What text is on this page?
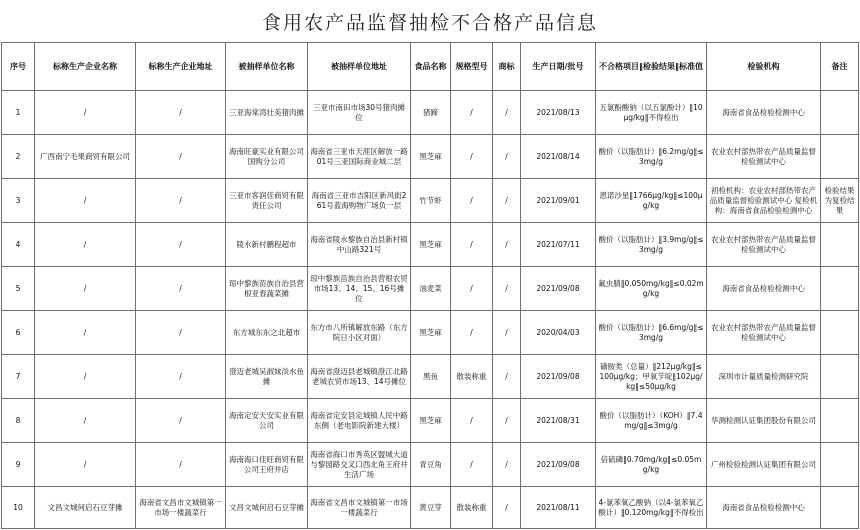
食用农产品监督抽检不合格产品信息
序号	标称生产企业名称	标称生产企业地址	被抽样单位名称	被抽样单位地址	食品名称	规格型号	商标	生产日期/批号	不合格项目‖检验结果‖标准值	检验机构	备注
1	/	/	三亚海棠湾壮美猪肉摊	三亚市南田市场30号猪肉摊位	猪蹄	/	/	2021/08/13	五氯酚酸钠（以五氯酚计）‖10μg/kg‖不得检出	海南省食品检验检测中心	
2	广西南宁毛果商贸有限公司	/	海南旺豪实业有限公司国购分公司	海南省三亚市天涯区解放一路01号三亚国际商业城二层	黑芝麻	/	/	2021/08/14	酸价（以脂肪计）‖6.2mg/g‖≤3mg/g	农业农村部热带农产品质量监督检验测试中心	
3	/	/	三亚市客润佳商贸有限责任公司	海南省三亚市吉阳区新风街261号蓝海购物广场负一层	竹节虾	/	/	2021/09/01	恩诺沙星‖1766μg/kg‖≤100μg/kg	初检机构：农业农村部热带农产品质量监督检验测试中心 复检机构：海南省食品检验检测中心	检验结果为复检结果
4	/	/	陵水新村鹏程超市	海南省陵水黎族自治县新村镇中山路321号	黑芝麻	/	/	2021/07/11	酸价（以脂肪计）‖3.9mg/g‖≤3mg/g	农业农村部热带农产品质量监督检验测试中心	
5	/	/	琼中黎族苗族自治县营根亚春蔬菜摊	琼中黎族苗族自治县营根农贸市场13、14、15、16号摊位	油麦菜	/	/	2021/09/08	氟虫腈‖0.050mg/kg‖≤0.02mg/kg	海南省食品检验检测中心	
6	/	/	东方城东东之北超市	东方市八所镇解放东路（东方院日小区对面）	黑芝麻	/	/	2020/04/03	酸价（以脂肪计）‖6.6mg/g‖≤3mg/g	农业农村部热带农产品质量监督检验测试中心	
7	/	/	澄迈老城吴淑妹淡水鱼摊	海南省澄迈县老城镇澄江北路老城农贸市场13、14号摊位	黑鱼	散装称重	/	2021/09/08	磺胺类（总量）‖212μg/kg‖≤100μg/kg；甲氧苄啶‖102μg/kg‖≤50μg/kg	深圳市计量质量检测研究院	
8	/	/	海南定安天安实业有限公司	海南省定安县定城镇人民中路东侧（老电影院新建大楼）	黑芝麻	/	/	2021/08/31	酸价（以脂肪计）（KOH）‖7.4mg/g‖≤3mg/g	华测检测认证集团股份有限公司	
9	/	/	海南海口佳旺商贸有限公司王府井店	海南省海口市秀英区盟城大道与黎园路交叉口西北角王府井生活广场	青豆角	/	/	2021/09/08	倍硫磷‖0.70mg/kg‖≤0.05mg/kg	广州检验检测认证集团有限公司	
10	文昌文城何启石豆芽摊	海南省文昌市文城镇第一市场一楼蔬菜行	文昌文城何启石豆芽摊	海南省文昌市文城镇第一市场一楼蔬菜行	黄豆芽	散装称重	/	2021/08/11	4-氯苯氧乙酸钠（以4-氯苯氧乙酸计）‖0.120mg/kg‖不得检出	海南省食品检验检测中心	
